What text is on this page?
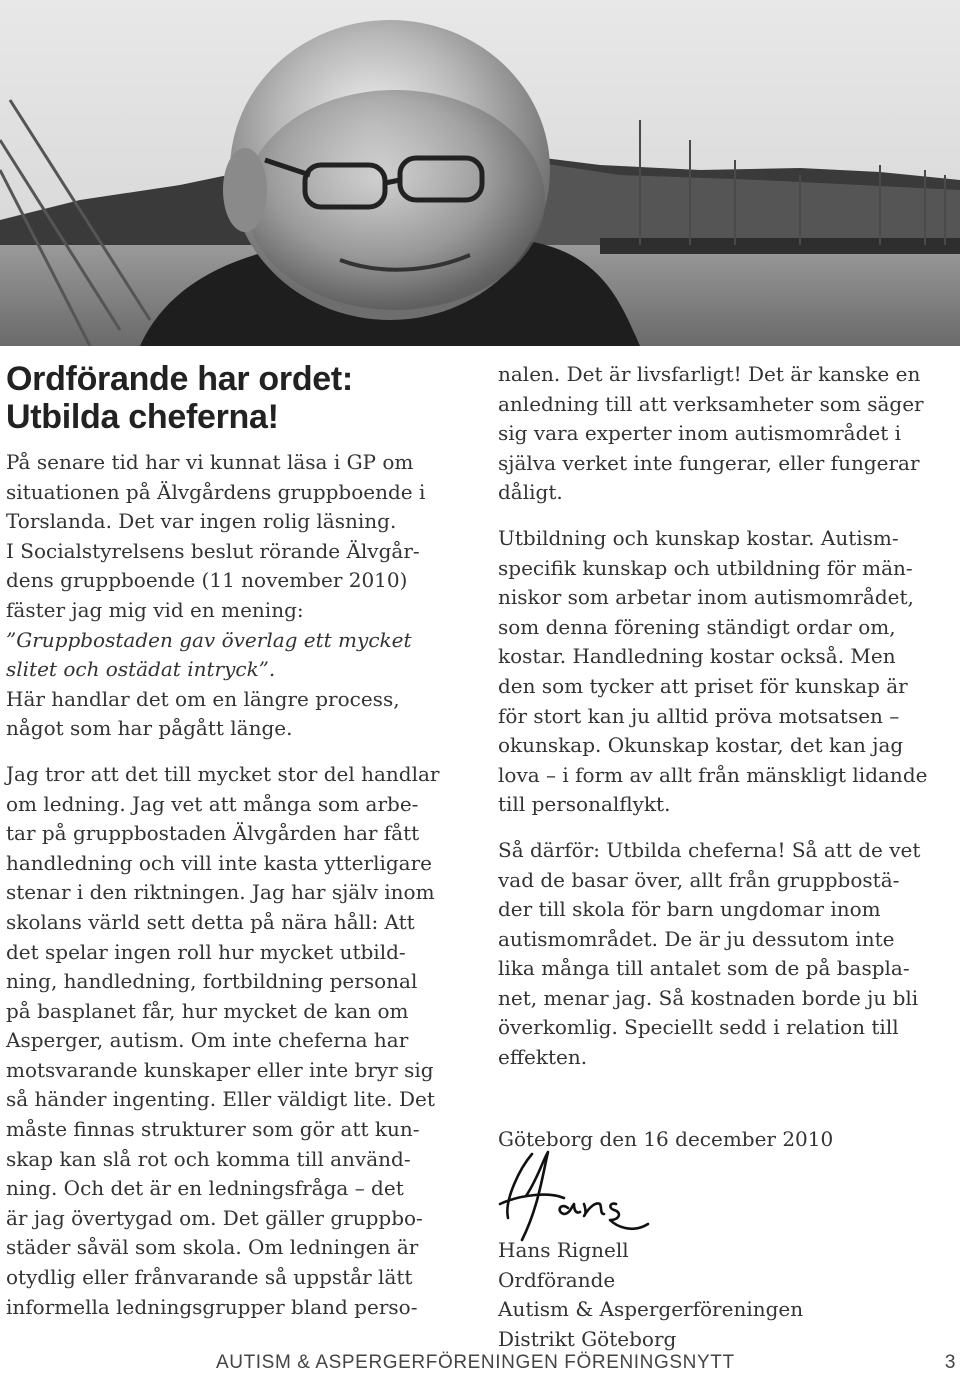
Ordförande har ordet:
Utbilda cheferna!

På senare tid har vi kunnat läsa i GP om
situationen på Älvgårdens gruppboende i
Torslanda. Det var ingen rolig läsning.
I Socialstyrelsens beslut rörande Älvgår-
dens gruppboende (11 november 2010)
fäster jag mig vid en mening:
”Gruppbostaden gav överlag ett mycket
slitet och ostädat intryck”.
Här handlar det om en längre process,
något som har pågått länge.

Jag tror att det till mycket stor del handlar
om ledning. Jag vet att många som arbe-
tar på gruppbostaden Älvgården har fått
handledning och vill inte kasta ytterligare
stenar i den riktningen. Jag har själv inom
skolans värld sett detta på nära håll: Att
det spelar ingen roll hur mycket utbild-
ning, handledning, fortbildning personal
på basplanet får, hur mycket de kan om
Asperger, autism. Om inte cheferna har
motsvarande kunskaper eller inte bryr sig
så händer ingenting. Eller väldigt lite. Det
måste finnas strukturer som gör att kun-
skap kan slå rot och komma till använd-
ning. Och det är en ledningsfråga – det
är jag övertygad om. Det gäller gruppbo-
städer såväl som skola. Om ledningen är
otydlig eller frånvarande så uppstår lätt
informella ledningsgrupper bland perso-

nalen. Det är livsfarligt! Det är kanske en
anledning till att verksamheter som säger
sig vara experter inom autismområdet i
själva verket inte fungerar, eller fungerar
dåligt.

Utbildning och kunskap kostar. Autism-
specifik kunskap och utbildning för män-
niskor som arbetar inom autismområdet,
som denna förening ständigt ordar om,
kostar. Handledning kostar också. Men
den som tycker att priset för kunskap är
för stort kan ju alltid pröva motsatsen –
okunskap. Okunskap kostar, det kan jag
lova – i form av allt från mänskligt lidande
till personalflykt.

Så därför: Utbilda cheferna! Så att de vet
vad de basar över, allt från gruppbostä-
der till skola för barn ungdomar inom
autismområdet. De är ju dessutom inte
lika många till antalet som de på baspla-
net, menar jag. Så kostnaden borde ju bli
överkomlig. Speciellt sedd i relation till
effekten.

Göteborg den 16 december 2010

Hans Rignell
Ordförande
Autism & Aspergerföreningen
Distrikt Göteborg

AUTISM & ASPERGERFÖRENINGEN FÖRENINGSNYTT	3
